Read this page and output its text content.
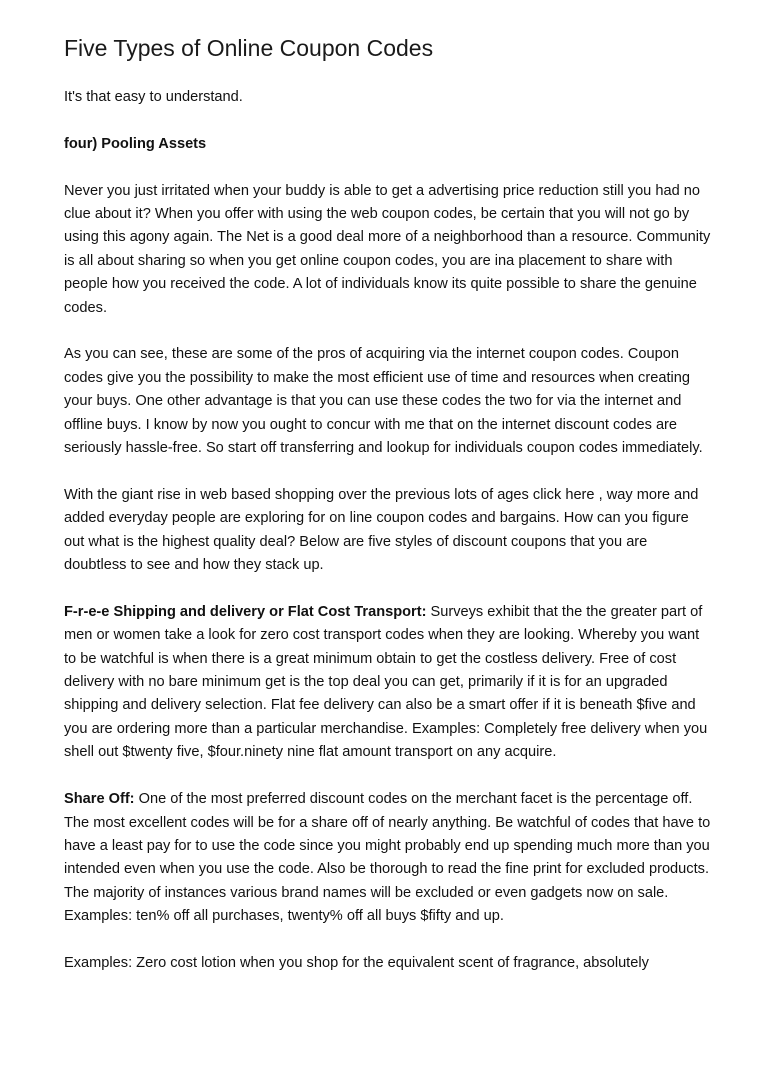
Five Types of Online Coupon Codes

It's that easy to understand.

four) Pooling Assets

Never you just irritated when your buddy is able to get a advertising price reduction still you had no clue about it? When you offer with using the web coupon codes, be certain that you will not go by using this agony again. The Net is a good deal more of a neighborhood than a resource. Community is all about sharing so when you get online coupon codes, you are ina placement to share with people how you received the code. A lot of individuals know its quite possible to share the genuine codes.

As you can see, these are some of the pros of acquiring via the internet coupon codes. Coupon codes give you the possibility to make the most efficient use of time and resources when creating your buys. One other advantage is that you can use these codes the two for via the internet and offline buys. I know by now you ought to concur with me that on the internet discount codes are seriously hassle-free. So start off transferring and lookup for individuals coupon codes immediately.

With the giant rise in web based shopping over the previous lots of ages click here , way more and added everyday people are exploring for on line coupon codes and bargains. How can you figure out what is the highest quality deal? Below are five styles of discount coupons that you are doubtless to see and how they stack up.

F-r-e-e Shipping and delivery or Flat Cost Transport: Surveys exhibit that the the greater part of men or women take a look for zero cost transport codes when they are looking. Whereby you want to be watchful is when there is a great minimum obtain to get the costless delivery. Free of cost delivery with no bare minimum get is the top deal you can get, primarily if it is for an upgraded shipping and delivery selection. Flat fee delivery can also be a smart offer if it is beneath $five and you are ordering more than a particular merchandise. Examples: Completely free delivery when you shell out $twenty five, $four.ninety nine flat amount transport on any acquire.

Share Off: One of the most preferred discount codes on the merchant facet is the percentage off. The most excellent codes will be for a share off of nearly anything. Be watchful of codes that have to have a least pay for to use the code since you might probably end up spending much more than you intended even when you use the code. Also be thorough to read the fine print for excluded products. The majority of instances various brand names will be excluded or even gadgets now on sale. Examples: ten% off all purchases, twenty% off all buys $fifty and up.

Examples: Zero cost lotion when you shop for the equivalent scent of fragrance, absolutely
